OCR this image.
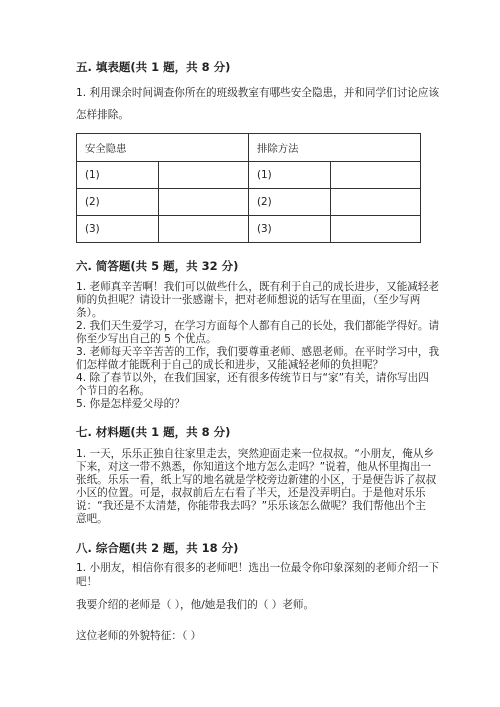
五. 填表题(共 1 题，共 8 分)
1. 利用课余时间调查你所在的班级教室有哪些安全隐患，并和同学们讨论应该
怎样排除。
安全隐患		排除方法	
(1)		(1)	
(2)		(2)	
(3)		(3)	
六. 简答题(共 5 题，共 32 分)
1. 老师真辛苦啊！我们可以做些什么，既有利于自己的成长进步，又能减轻老
师的负担呢？请设计一张感谢卡，把对老师想说的话写在里面，（至少写两
条）。
2. 我们天生爱学习，在学习方面每个人都有自己的长处，我们都能学得好。请
你至少写出自己的 5 个优点。
3. 老师每天辛辛苦苦的工作，我们要尊重老师、感恩老师。在平时学习中，我
们怎样做才能既利于自己的成长和进步，又能减轻老师的负担呢？
4. 除了春节以外，在我们国家，还有很多传统节日与“家”有关，请你写出四
个节日的名称。
5. 你是怎样爱父母的？
七. 材料题(共 1 题，共 8 分)
1. 一天，乐乐正独自往家里走去，突然迎面走来一位叔叔。“小朋友，俺从乡
下来，对这一带不熟悉，你知道这个地方怎么走吗？”说着，他从怀里掏出一
张纸。乐乐一看，纸上写的地名就是学校旁边新建的小区，于是便告诉了叔叔
小区的位置。可是，叔叔前后左右看了半天，还是没弄明白。于是他对乐乐
说：“我还是不太清楚，你能带我去吗？”乐乐该怎么做呢？我们帮他出个主
意吧。
八. 综合题(共 2 题，共 18 分)
1. 小朋友，相信你有很多的老师吧！选出一位最令你印象深刻的老师介绍一下
吧！
我要介绍的老师是（ ），他/她是我们的（ ）老师。
这位老师的外貌特征：（ ）
